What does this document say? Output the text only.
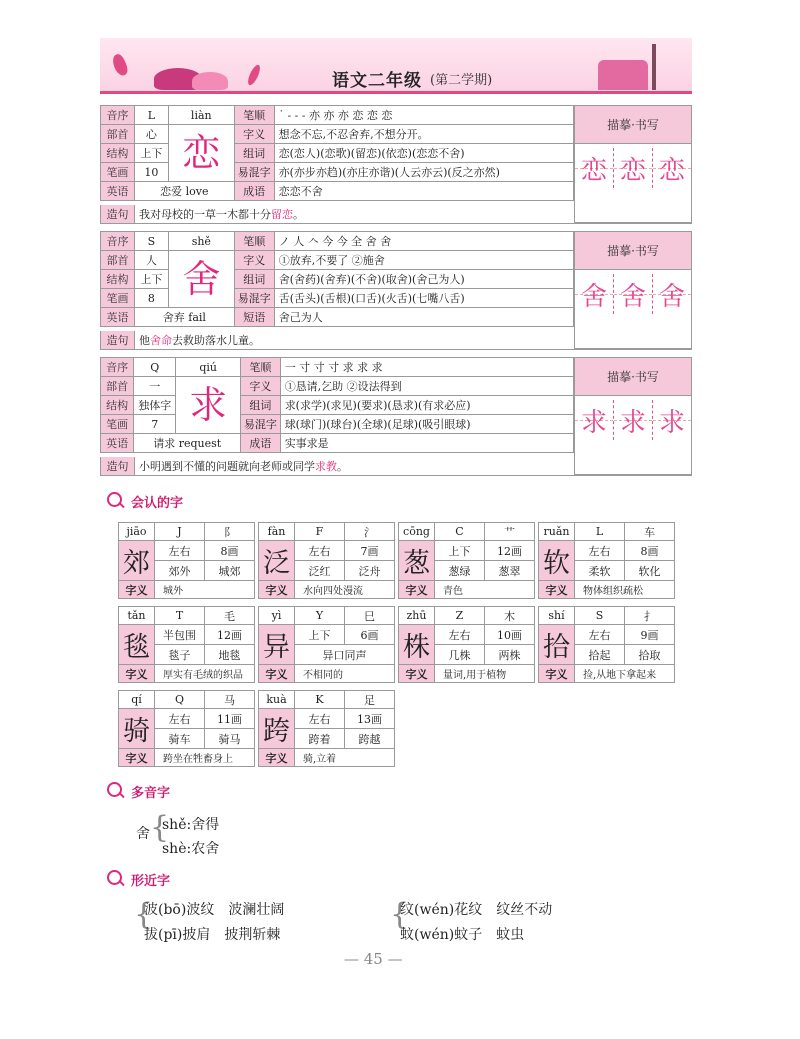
语文二年级 (第二学期)
音序	L	liàn	笔顺	˙ ˗ ˗ ˗ 亦 亦 亦 恋 恋 恋
部首	心	恋	字义	想念不忘,不忍舍弃,不想分开。
结构	上下		组词	恋(恋人)(恋歌)(留恋)(依恋)(恋恋不舍)
笔画	10		易混字	亦(亦步亦趋)(亦庄亦谐)(人云亦云)(反之亦然)
英语	恋爱 love		成语	恋恋不舍
描摹·书写
恋 恋 恋
造句 我对母校的一草一木都十分留恋。
音序	S	shě	笔顺	ノ 人 𠆢 今 今 全 舍 舍
部首	人	舍	字义	①放弃,不要了 ②施舍
结构	上下		组词	舍(舍药)(舍弃)(不舍)(取舍)(舍己为人)
笔画	8		易混字	舌(舌头)(舌根)(口舌)(火舌)(七嘴八舌)
英语	舍弃 fail		短语	舍己为人
描摹·书写
舍 舍 舍
造句 他舍命去救助落水儿童。
音序	Q	qiú	笔顺	一 寸 寸 寸 求 求 求
部首	一	求	字义	①恳请,乞助 ②设法得到
结构	独体字		组词	求(求学)(求见)(要求)(恳求)(有求必应)
笔画	7		易混字	球(球门)(球台)(全球)(足球)(吸引眼球)
英语	请求 request		成语	实事求是
描摹·书写
求 求 求
造句 小明遇到不懂的问题就向老师或同学求教。
会认的字
jiāo	J	阝
郊	左右	8画
	郊外	城郊
字义	城外	
fàn	F	氵
泛	左右	7画
	泛红	泛舟
字义	水向四处漫流	
cōng	C	艹
葱	上下	12画
	葱绿	葱翠
字义	青色	
ruǎn	L	车
软	左右	8画
	柔软	软化
字义	物体组织疏松	
tǎn	T	毛
毯	半包围	12画
	毯子	地毯
字义	厚实有毛绒的织品	
yì	Y	巳
异	上下	6画
	异口同声	
字义	不相同的	
zhū	Z	木
株	左右	10画
	几株	两株
字义	量词,用于植物	
shí	S	扌
拾	左右	9画
	拾起	拾取
字义	捡,从地下拿起来	
qí	Q	马
骑	左右	11画
	骑车	骑马
字义	跨坐在牲畜身上	
kuà	K	足
跨	左右	13画
	跨着	跨越
字义	骑,立着	
多音字
舍 {
shě:舍得
shè:农舍
形近字
{
波(bō)波纹　波澜壮阔
拔(pī)披肩　披荆斩棘
{
纹(wén)花纹　纹丝不动
蚊(wén)蚊子　蚊虫
— 45 —
